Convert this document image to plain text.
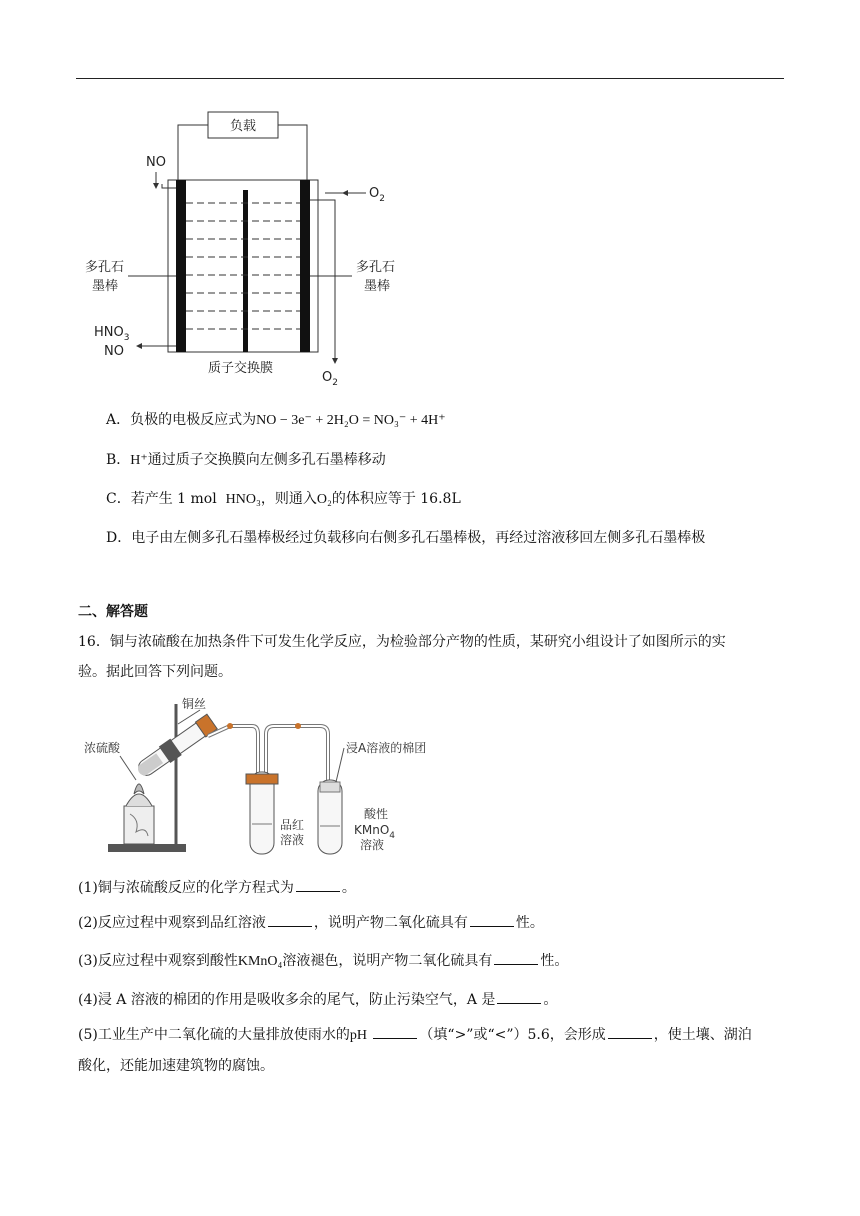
负载
NO
$O_2$
多孔石
墨棒
多孔石
墨棒
$HNO_3$
NO
质子交换膜
$O_2$
A．负极的电极反应式为NO − 3e⁻ + 2H₂O = NO₃⁻ + 4H⁺
B．H⁺通过质子交换膜向左侧多孔石墨棒移动
C．若产生 1 mol HNO₃，则通入O₂的体积应等于 16.8L
D．电子由左侧多孔石墨棒极经过负载移向右侧多孔石墨棒极，再经过溶液移回左侧多孔石墨棒极
二、解答题
16．铜与浓硫酸在加热条件下可发生化学反应，为检验部分产物的性质，某研究小组设计了如图所示的实
验。据此回答下列问题。
铜丝
浓硫酸
品红
溶液
浸A溶液的棉团
酸性
KMnO$_4$
溶液
(1)铜与浓硫酸反应的化学方程式为	。
(2)反应过程中观察到品红溶液	，说明产物二氧化硫具有	性。
(3)反应过程中观察到酸性KMnO₄溶液褪色，说明产物二氧化硫具有	性。
(4)浸 A 溶液的棉团的作用是吸收多余的尾气，防止污染空气，A 是	。
(5)工业生产中二氧化硫的大量排放使雨水的pH	（填“>”或“<”）5.6，会形成	，使土壤、湖泊
酸化，还能加速建筑物的腐蚀。
